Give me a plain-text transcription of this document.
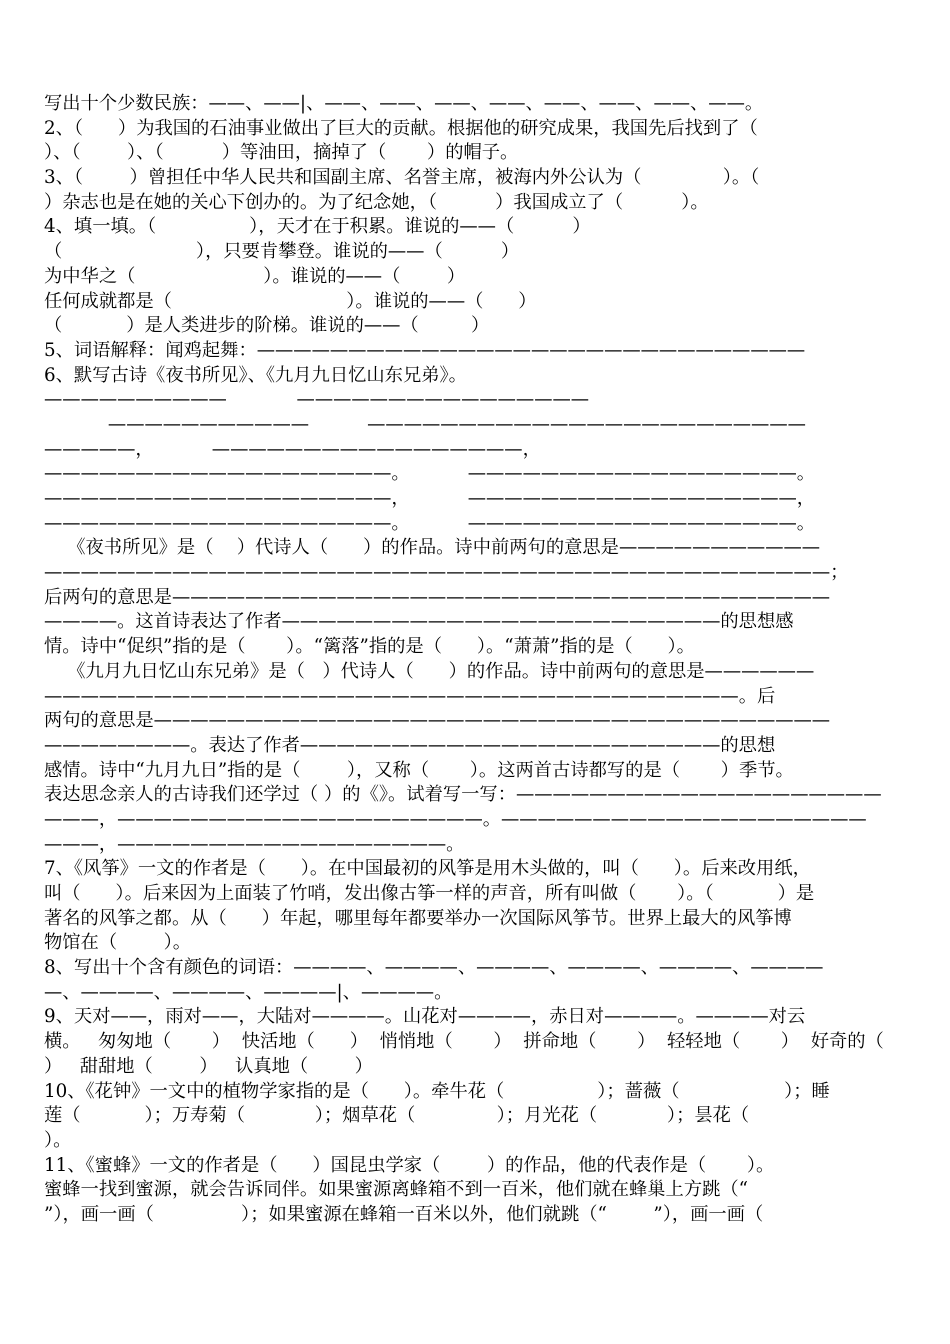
写出十个少数民族：——、——|、——、——、——、——、——、——、——、——。
2、（      ）为我国的石油事业做出了巨大的贡献。根据他的研究成果，我国先后找到了（
）、（        ）、（          ）等油田，摘掉了（       ）的帽子。
3、（        ）曾担任中华人民共和国副主席、名誉主席，被海内外公认为（              ）。（
）杂志也是在她的关心下创办的。为了纪念她，（          ）我国成立了（          ）。
4、填一填。（                ），天才在于积累。谁说的——（          ）
（                       ），只要肯攀登。谁说的——（          ）
为中华之（                      ）。谁说的——（        ）
任何成就都是（                              ）。谁说的——（      ）
（           ）是人类进步的阶梯。谁说的——（         ）
5、词语解释：闻鸡起舞：——————————————————————————————
6、默写古诗《夜书所见》、《九月九日忆山东兄弟》。
——————————            ————————————————
———————————          ————————————————————————
—————，          —————————————————，
———————————————————。          ——————————————————。
———————————————————，          ——————————————————，
———————————————————。          ——————————————————。
《夜书所见》是（    ）代诗人（      ）的作品。诗中前两句的意思是———————————
———————————————————————————————————————————；
后两句的意思是————————————————————————————————————
————。这首诗表达了作者————————————————————————的思想感
情。诗中“促织”指的是（       ）。“篱落”指的是（      ）。“萧萧”指的是（      ）。
《九月九日忆山东兄弟》是（   ）代诗人（      ）的作品。诗中前两句的意思是——————
——————————————————————————————————————。后
两句的意思是—————————————————————————————————————
————————。表达了作者———————————————————————的思想
感情。诗中“九月九日”指的是（        ），又称（       ）。这两首古诗都写的是（       ）季节。
表达思念亲人的古诗我们还学过（ ）的《》。试着写一写：————————————————————
———，————————————————————。————————————————————
———，——————————————————。
7、《风筝》一文的作者是（      ）。在中国最初的风筝是用木头做的，叫（      ）。后来改用纸，
叫（      ）。后来因为上面装了竹哨，发出像古筝一样的声音，所有叫做（       ）。（           ）是
著名的风筝之都。从（      ）年起，哪里每年都要举办一次国际风筝节。世界上最大的风筝博
物馆在（        ）。
8、写出十个含有颜色的词语：————、————、————、————、————、————
—、————、————、————|、————。
9、天对——，雨对——，大陆对————。山花对————，赤日对————。————对云
横。   匆匆地（       ）  快活地（      ）  悄悄地（       ）  拼命地（       ）  轻轻地（       ）  好奇的（
）   甜甜地（        ）   认真地（        ）
10、《花钟》一文中的植物学家指的是（      ）。牵牛花（                ）；蔷薇（                  ）；睡
莲（           ）；万寿菊（            ）；烟草花（              ）；月光花（            ）；昙花（
）。
11、《蜜蜂》一文的作者是（      ）国昆虫学家（        ）的作品，他的代表作是（       ）。
蜜蜂一找到蜜源，就会告诉同伴。如果蜜源离蜂箱不到一百米，他们就在蜂巢上方跳（“
”），画一画（               ）；如果蜜源在蜂箱一百米以外，他们就跳（“        ”），画一画（
